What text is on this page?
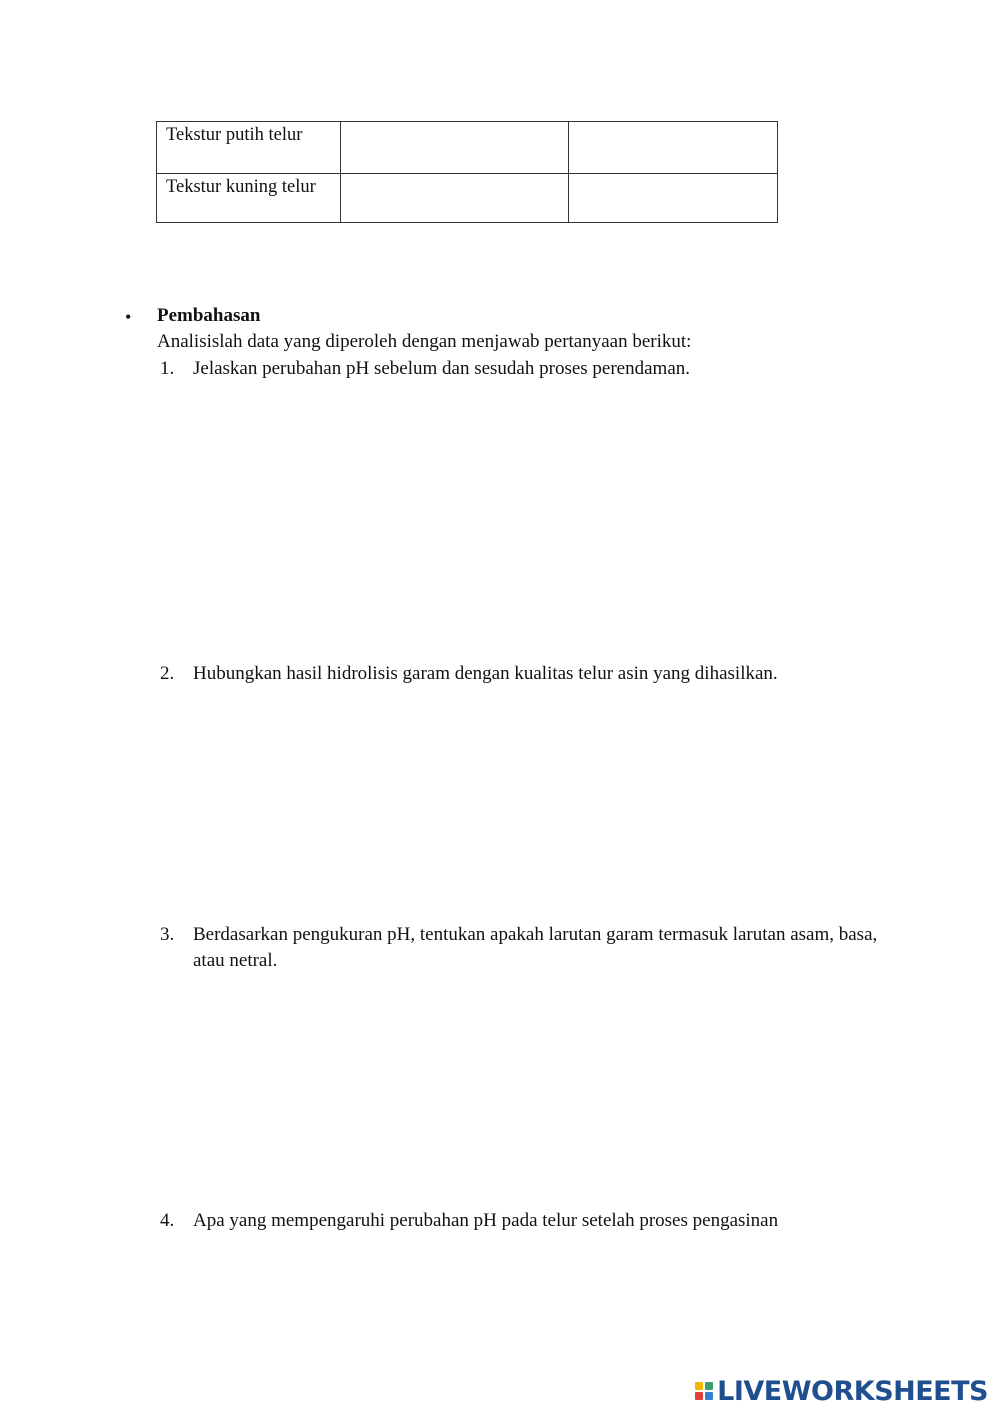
Tekstur putih telur		
Tekstur kuning telur		
• Pembahasan
Analisislah data yang diperoleh dengan menjawab pertanyaan berikut:
1. Jelaskan perubahan pH sebelum dan sesudah proses perendaman.
2. Hubungkan hasil hidrolisis garam dengan kualitas telur asin yang dihasilkan.
3. Berdasarkan pengukuran pH, tentukan apakah larutan garam termasuk larutan asam, basa, atau netral.
4. Apa yang mempengaruhi perubahan pH pada telur setelah proses pengasinan
LIVEWORKSHEETS
